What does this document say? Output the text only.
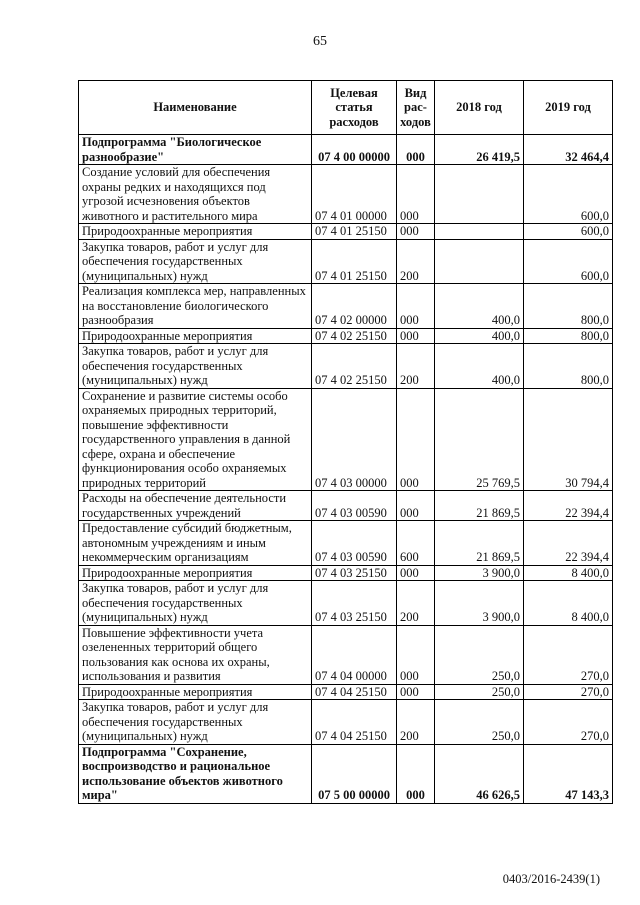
65
Наименование	Целевая статья расходов	Вид рас- ходов	2018 год	2019 год
Подпрограмма "Биологическое разнообразие"	07 4 00 00000	000	26 419,5	32 464,4
Создание условий для обеспечения охраны редких и находящихся под угрозой исчезновения объектов животного и растительного мира	07 4 01 00000	000		600,0
Природоохранные мероприятия	07 4 01 25150	000		600,0
Закупка товаров, работ и услуг для обеспечения государственных (муниципальных) нужд	07 4 01 25150	200		600,0
Реализация комплекса мер, направленных на восстановление биологического разнообразия	07 4 02 00000	000	400,0	800,0
Природоохранные мероприятия	07 4 02 25150	000	400,0	800,0
Закупка товаров, работ и услуг для обеспечения государственных (муниципальных) нужд	07 4 02 25150	200	400,0	800,0
Сохранение и развитие системы особо охраняемых природных территорий, повышение эффективности государственного управления в данной сфере, охрана и обеспечение функционирования особо охраняемых природных территорий	07 4 03 00000	000	25 769,5	30 794,4
Расходы на обеспечение деятельности государственных учреждений	07 4 03 00590	000	21 869,5	22 394,4
Предоставление субсидий бюджетным, автономным учреждениям и иным некоммерческим организациям	07 4 03 00590	600	21 869,5	22 394,4
Природоохранные мероприятия	07 4 03 25150	000	3 900,0	8 400,0
Закупка товаров, работ и услуг для обеспечения государственных (муниципальных) нужд	07 4 03 25150	200	3 900,0	8 400,0
Повышение эффективности учета озелененных территорий общего пользования как основа их охраны, использования и развития	07 4 04 00000	000	250,0	270,0
Природоохранные мероприятия	07 4 04 25150	000	250,0	270,0
Закупка товаров, работ и услуг для обеспечения государственных (муниципальных) нужд	07 4 04 25150	200	250,0	270,0
Подпрограмма "Сохранение, воспроизводство и рациональное использование объектов животного мира"	07 5 00 00000	000	46 626,5	47 143,3
0403/2016-2439(1)
